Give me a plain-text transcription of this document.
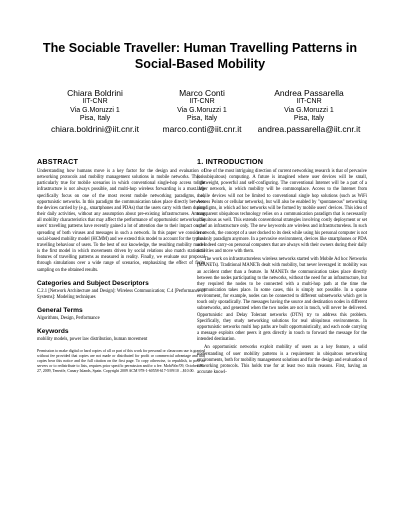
The Sociable Traveller: Human Travelling Patterns in
Social-Based Mobility
Chiara Boldrini
IIT-CNR
Via G.Moruzzi 1
Pisa, Italy
chiara.boldrini@iit.cnr.it
Marco Conti
IIT-CNR
Via G.Moruzzi 1
Pisa, Italy
marco.conti@iit.cnr.it
Andrea Passarella
IIT-CNR
Via G.Moruzzi 1
Pisa, Italy
andrea.passarella@iit.cnr.it
ABSTRACT

Understanding how humans move is a key factor for the design and evaluation of networking protocols and mobility management solutions in mobile networks. This is particularly true for mobile scenarios in which conventional single-hop access to the infrastructure is not always possible, and multi-hop wireless forwarding is a must. We specifically focus on one of the most recent mobile networking paradigms, i.e., opportunistic networks. In this paradigm the communication takes place directly between the devices carried by (e.g., smartphones and PDAs) that the users carry with them during their daily activities, without any assumption about pre-existing infrastructures. Among all mobility characteristics that may affect the performance of opportunistic networks, the users' travelling patterns have recently gained a lot of attention due to their impact on the spreading of both viruses and messages in such a network. In this paper we consider a social-based mobility model (HCMM) and we extend this model to account for the typical travelling behaviour of users. To the best of our knowledge, the resulting mobility model is the first model in which movements driven by social relations also match statistical features of travelling patterns as measured in reality. Finally, we evaluate our proposal through simulations over a wide range of scenarios, emphasizing the effect of finite sampling on the obtained results.

Categories and Subject Descriptors

C.2.1 [Network Architecture and Design]: Wireless Communication; C.4 [Performance of Systems]: Modeling techniques

General Terms

Algorithms, Design, Performance

Keywords

mobility models, power law distribution, human movement

Permission to make digital or hard copies of all or part of this work for personal or classroom use is granted without fee provided that copies are not made or distributed for profit or commercial advantage and that copies bear this notice and the full citation on the first page. To copy otherwise, to republish, to post on servers or to redistribute to lists, requires prior specific permission and/or a fee. MobiWac'09, October 26–27, 2009, Tenerife, Canary Islands, Spain. Copyright 2009 ACM 978-1-60558-617-5/09/10 ...$10.00.
1. INTRODUCTION

One of the most intriguing direction of current networking research is that of pervasive (or ubiquitous) computing. A future is imagined where user devices will be small, lightweight, powerful and self-configuring. The conventional Internet will be a part of a larger network, in which mobility will be commonplace. Access to the Internet from mobile devices will not be limited to conventional single hop solutions (such as WiFi Access Points or cellular networks), but will also be enabled by "spontaneous" networking paradigms, in which ad hoc networks will be formed by mobile users' devices. This idea of transparent ubiquitous technology relies on a communication paradigm that is necessarily ubiquitous as well. This extends conventional strategies involving costly deployment or set up of an infrastructure only. The new keywords are wireless and infrastructureless. In such a network, the concept of a user docked to its desk while using his personal computer is not the only paradigm anymore. In a pervasive environment, devices like smartphones or PDA are indeed carry-on personal computers that are always with their owners during their daily activities and move with them.

The work on infrastructureless wireless networks started with Mobile Ad hoc Networks (MANETs). Traditional MANETs dealt with mobility, but never leveraged it: mobility was an accident rather than a feature. In MANETs the communication takes place directly between the nodes participating to the networks, without the need for an infrastructure, but they required the nodes to be connected with a multi-hop path at the time the communication takes place. In some cases, this is simply not possible. In a sparse environment, for example, nodes can be connected to different subnetworks which get in touch only sporadically. The messages having the source and destination nodes in different subnetworks, and generated when the two nodes are not in touch, will never be delivered. Opportunistic and Delay Tolerant networks (DTN) try to address this problem. Specifically, they study networking solutions for real ubiquitous environments. In opportunistic networks multi hop paths are built opportunistically, and each node carrying a message exploits other peers it gets directly in touch to forward the message for the intended destination.

An opportunistic networks exploit mobility of users as a key feature, a solid understanding of user mobility patterns is a requirement in ubiquitous networking environments, both for mobility management solutions and for the design and evaluation of networking protocols. This holds true for at least two main reasons. First, having an accurate knowl-
